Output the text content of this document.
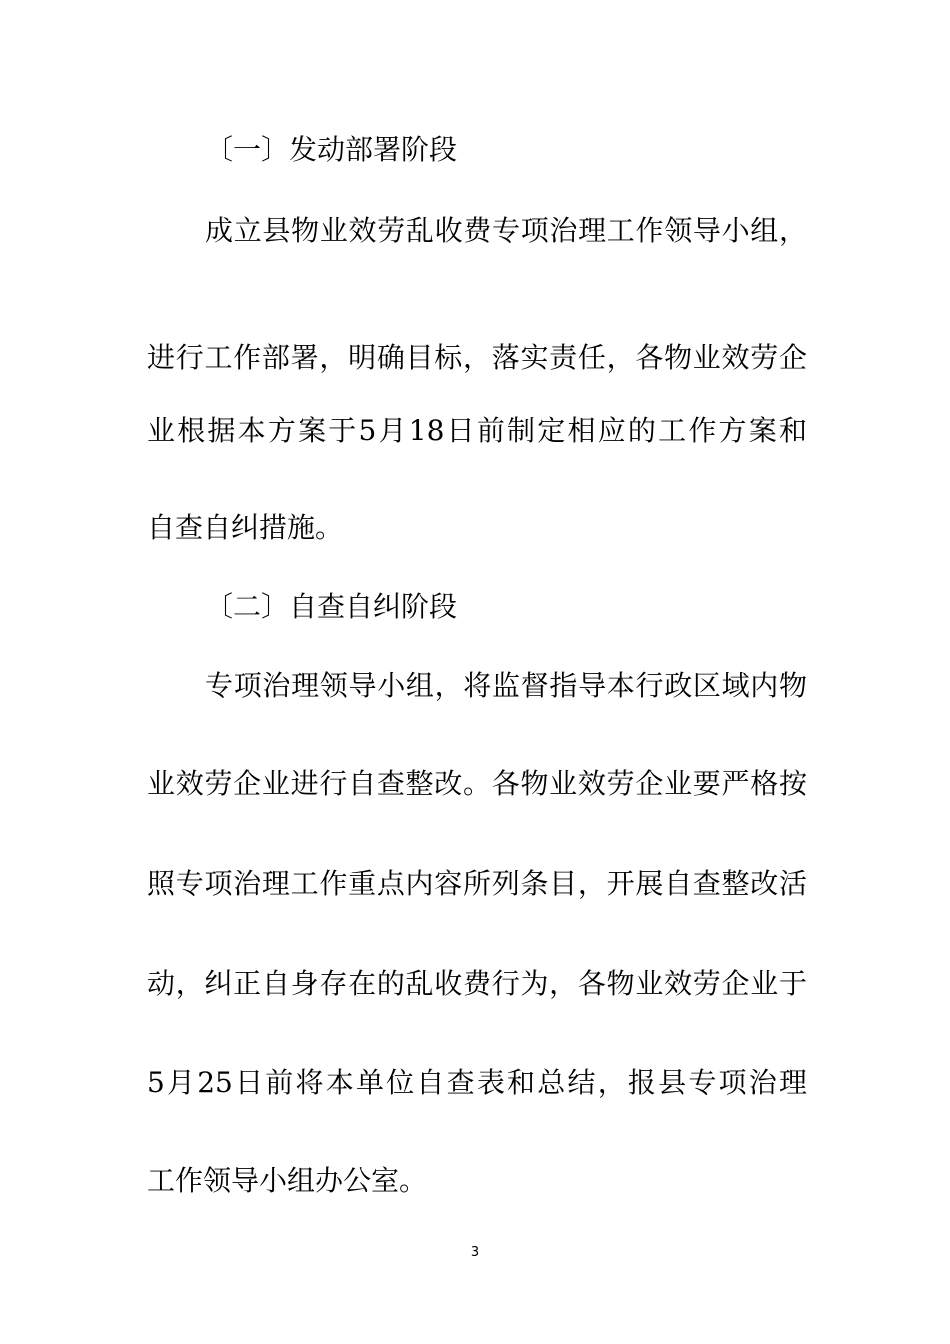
〔一〕发动部署阶段

成立县物业效劳乱收费专项治理工作领导小组，

进行工作部署，明确目标，落实责任，各物业效劳企

业根据本方案于5月18日前制定相应的工作方案和

自查自纠措施。

〔二〕自查自纠阶段

专项治理领导小组，将监督指导本行政区域内物

业效劳企业进行自查整改。各物业效劳企业要严格按

照专项治理工作重点内容所列条目，开展自查整改活

动，纠正自身存在的乱收费行为，各物业效劳企业于

5月25日前将本单位自查表和总结，报县专项治理

工作领导小组办公室。

3
